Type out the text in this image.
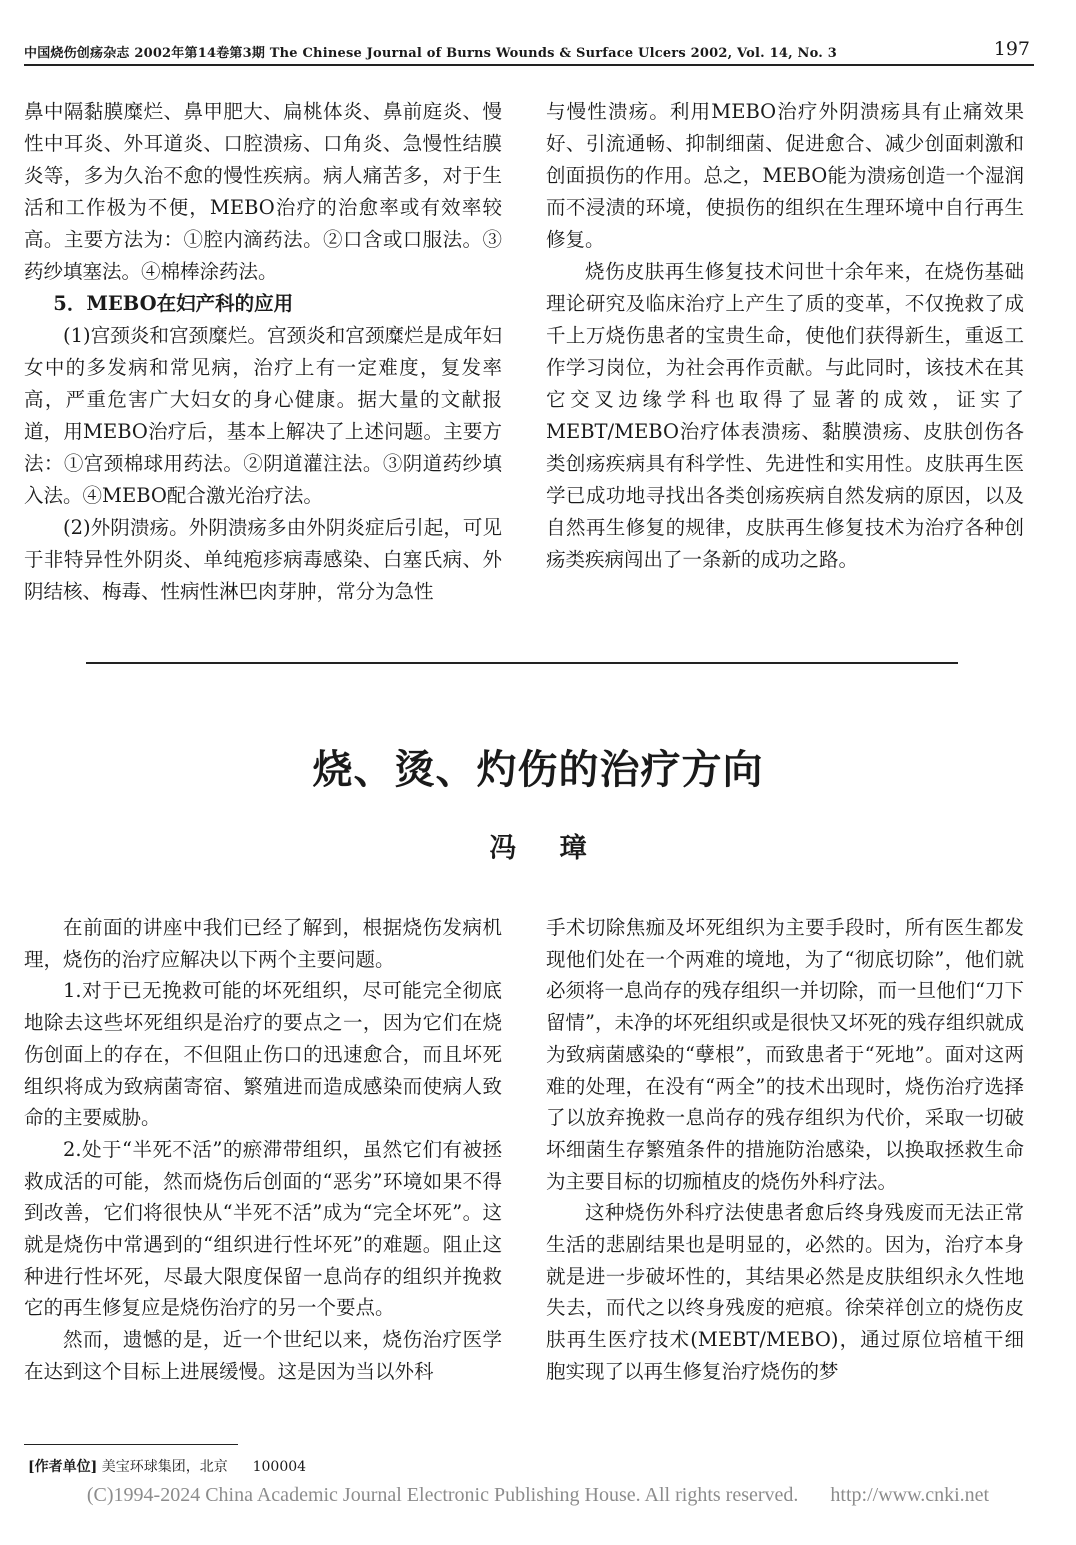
中国烧伤创疡杂志 2002年第14卷第3期 The Chinese Journal of Burns Wounds & Surface Ulcers 2002, Vol. 14, No. 3	197

鼻中隔黏膜糜烂、鼻甲肥大、扁桃体炎、鼻前庭炎、慢性中耳炎、外耳道炎、口腔溃疡、口角炎、急慢性结膜炎等，多为久治不愈的慢性疾病。病人痛苦多，对于生活和工作极为不便，MEBO治疗的治愈率或有效率较高。主要方法为：①腔内滴药法。②口含或口服法。③药纱填塞法。④棉棒涂药法。

5．MEBO在妇产科的应用

(1)宫颈炎和宫颈糜烂。宫颈炎和宫颈糜烂是成年妇女中的多发病和常见病，治疗上有一定难度，复发率高，严重危害广大妇女的身心健康。据大量的文献报道，用MEBO治疗后，基本上解决了上述问题。主要方法：①宫颈棉球用药法。②阴道灌注法。③阴道药纱填入法。④MEBO配合激光治疗法。

(2)外阴溃疡。外阴溃疡多由外阴炎症后引起，可见于非特异性外阴炎、单纯疱疹病毒感染、白塞氏病、外阴结核、梅毒、性病性淋巴肉芽肿，常分为急性

与慢性溃疡。利用MEBO治疗外阴溃疡具有止痛效果好、引流通畅、抑制细菌、促进愈合、减少创面刺激和创面损伤的作用。总之，MEBO能为溃疡创造一个湿润而不浸渍的环境，使损伤的组织在生理环境中自行再生修复。

烧伤皮肤再生修复技术问世十余年来，在烧伤基础理论研究及临床治疗上产生了质的变革，不仅挽救了成千上万烧伤患者的宝贵生命，使他们获得新生，重返工作学习岗位，为社会再作贡献。与此同时，该技术在其它交叉边缘学科也取得了显著的成效，证实了MEBT/MEBO治疗体表溃疡、黏膜溃疡、皮肤创伤各类创疡疾病具有科学性、先进性和实用性。皮肤再生医学已成功地寻找出各类创疡疾病自然发病的原因，以及自然再生修复的规律，皮肤再生修复技术为治疗各种创疡类疾病闯出了一条新的成功之路。

烧、烫、灼伤的治疗方向
冯璋

在前面的讲座中我们已经了解到，根据烧伤发病机理，烧伤的治疗应解决以下两个主要问题。

1.对于已无挽救可能的坏死组织，尽可能完全彻底地除去这些坏死组织是治疗的要点之一，因为它们在烧伤创面上的存在，不但阻止伤口的迅速愈合，而且坏死组织将成为致病菌寄宿、繁殖进而造成感染而使病人致命的主要威胁。

2.处于“半死不活”的瘀滞带组织，虽然它们有被拯救成活的可能，然而烧伤后创面的“恶劣”环境如果不得到改善，它们将很快从“半死不活”成为“完全坏死”。这就是烧伤中常遇到的“组织进行性坏死”的难题。阻止这种进行性坏死，尽最大限度保留一息尚存的组织并挽救它的再生修复应是烧伤治疗的另一个要点。

然而，遗憾的是，近一个世纪以来，烧伤治疗医学在达到这个目标上进展缓慢。这是因为当以外科

手术切除焦痂及坏死组织为主要手段时，所有医生都发现他们处在一个两难的境地，为了“彻底切除”，他们就必须将一息尚存的残存组织一并切除，而一旦他们“刀下留情”，未净的坏死组织或是很快又坏死的残存组织就成为致病菌感染的“孽根”，而致患者于“死地”。面对这两难的处理，在没有“两全”的技术出现时，烧伤治疗选择了以放弃挽救一息尚存的残存组织为代价，采取一切破坏细菌生存繁殖条件的措施防治感染，以换取拯救生命为主要目标的切痂植皮的烧伤外科疗法。

这种烧伤外科疗法使患者愈后终身残废而无法正常生活的悲剧结果也是明显的，必然的。因为，治疗本身就是进一步破坏性的，其结果必然是皮肤组织永久性地失去，而代之以终身残废的疤痕。徐荣祥创立的烧伤皮肤再生医疗技术(MEBT/MEBO)，通过原位培植干细胞实现了以再生修复治疗烧伤的梦

[作者单位] 美宝环球集团，北京 100004
(C)1994-2024 China Academic Journal Electronic Publishing House. All rights reserved. http://www.cnki.net
